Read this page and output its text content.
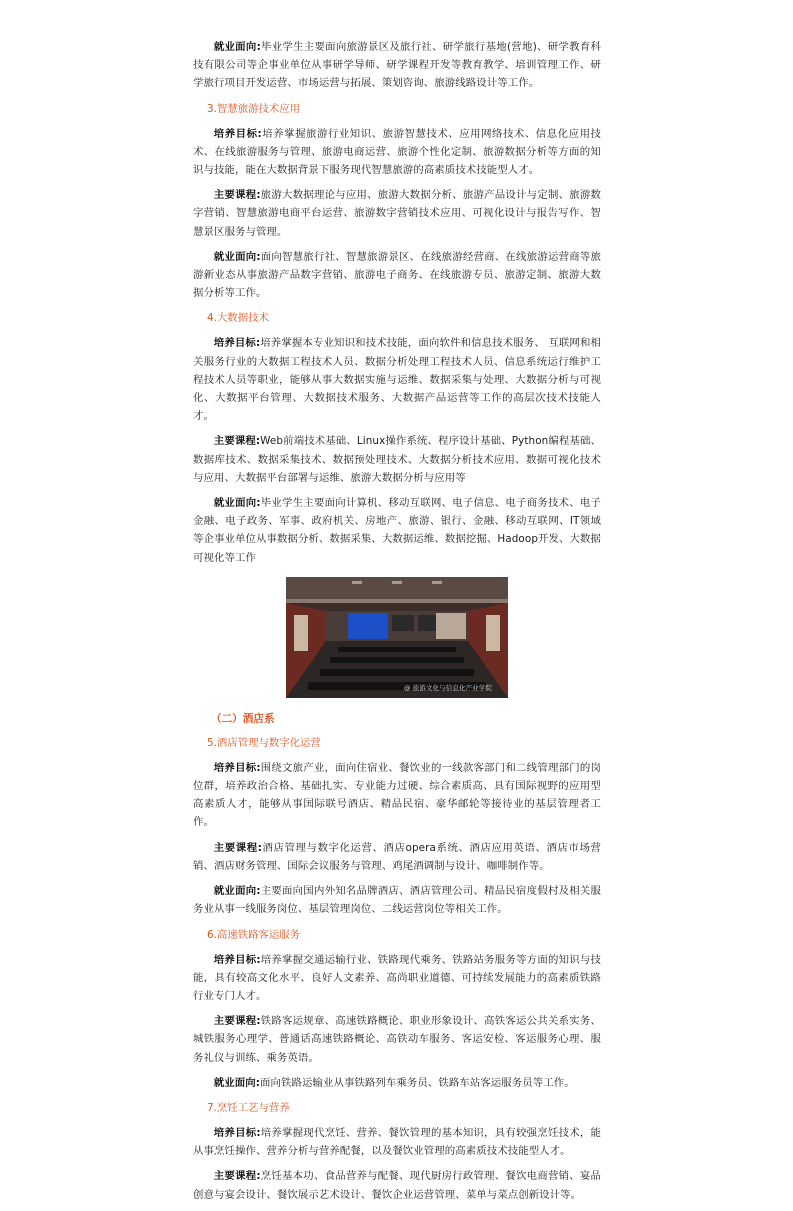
就业面向:毕业学生主要面向旅游景区及旅行社、研学旅行基地(营地)、研学教育科技有限公司等企事业单位从事研学导师、研学课程开发等教育教学、培训管理工作、研学旅行项目开发运营、市场运营与拓展、策划咨询、旅游线路设计等工作。

3.智慧旅游技术应用

培养目标:培养掌握旅游行业知识、旅游智慧技术、应用网络技术、信息化应用技术、在线旅游服务与管理、旅游电商运营、旅游个性化定制、旅游数据分析等方面的知识与技能，能在大数据背景下服务现代智慧旅游的高素质技术技能型人才。

主要课程:旅游大数据理论与应用、旅游大数据分析、旅游产品设计与定制、旅游数字营销、智慧旅游电商平台运营、旅游数字营销技术应用、可视化设计与报告写作、智慧景区服务与管理。

就业面向:面向智慧旅行社、智慧旅游景区、在线旅游经营商、在线旅游运营商等旅游新业态从事旅游产品数字营销、旅游电子商务、在线旅游专员、旅游定制、旅游大数据分析等工作。

4.大数据技术

培养目标:培养掌握本专业知识和技术技能，面向软件和信息技术服务、 互联网和相关服务行业的大数据工程技术人员、数据分析处理工程技术人员、信息系统运行维护工程技术人员等职业，能够从事大数据实施与运维、数据采集与处理、大数据分析与可视化、大数据平台管理、大数据技术服务、大数据产品运营等工作的高层次技术技能人才。

主要课程:Web前端技术基础、Linux操作系统、程序设计基础、Python编程基础、数据库技术、数据采集技术、数据预处理技术、大数据分析技术应用、数据可视化技术与应用、大数据平台部署与运维、旅游大数据分析与应用等

就业面向:毕业学生主要面向计算机、移动互联网、电子信息、电子商务技术、电子金融、电子政务、军事、政府机关、房地产、旅游、银行、金融、移动互联网、IT领域等企事业单位从事数据分析、数据采集、大数据运维、数据挖掘、Hadoop开发、大数据可视化等工作

@ 旅游文化与信息化产业学院
（二）酒店系
5.酒店管理与数字化运营

培养目标:围绕文旅产业，面向住宿业、餐饮业的一线款客部门和二线管理部门的岗位群，培养政治合格、基础扎实、专业能力过硬、综合素质高、具有国际视野的应用型高素质人才，能够从事国际联号酒店、精品民宿、豪华邮轮等接待业的基层管理者工作。

主要课程:酒店管理与数字化运营、酒店opera系统、酒店应用英语、酒店市场营销、酒店财务管理、国际会议服务与管理、鸡尾酒调制与设计、咖啡制作等。

就业面向:主要面向国内外知名品牌酒店、酒店管理公司、精品民宿度假村及相关服务业从事一线服务岗位、基层管理岗位、二线运营岗位等相关工作。

6.高速铁路客运服务

培养目标:培养掌握交通运输行业、铁路现代乘务、铁路站务服务等方面的知识与技能，具有较高文化水平、良好人文素养、高尚职业道德、可持续发展能力的高素质铁路行业专门人才。

主要课程:铁路客运规章、高速铁路概论、职业形象设计、高铁客运公共关系实务、城铁服务心理学、普通话高速铁路概论、高铁动车服务、客运安检、客运服务心理、服务礼仪与训练、乘务英语。

就业面向:面向铁路运输业从事铁路列车乘务员、铁路车站客运服务员等工作。

7.烹饪工艺与营养

培养目标:培养掌握现代烹饪、营养、餐饮管理的基本知识，具有较强烹饪技术，能从事烹饪操作、营养分析与营养配餐，以及餐饮业管理的高素质技术技能型人才。

主要课程:烹饪基本功、食品营养与配餐、现代厨房行政管理、餐饮电商营销、宴品创意与宴会设计、餐饮展示艺术设计、餐饮企业运营管理、菜单与菜点创新设计等。
